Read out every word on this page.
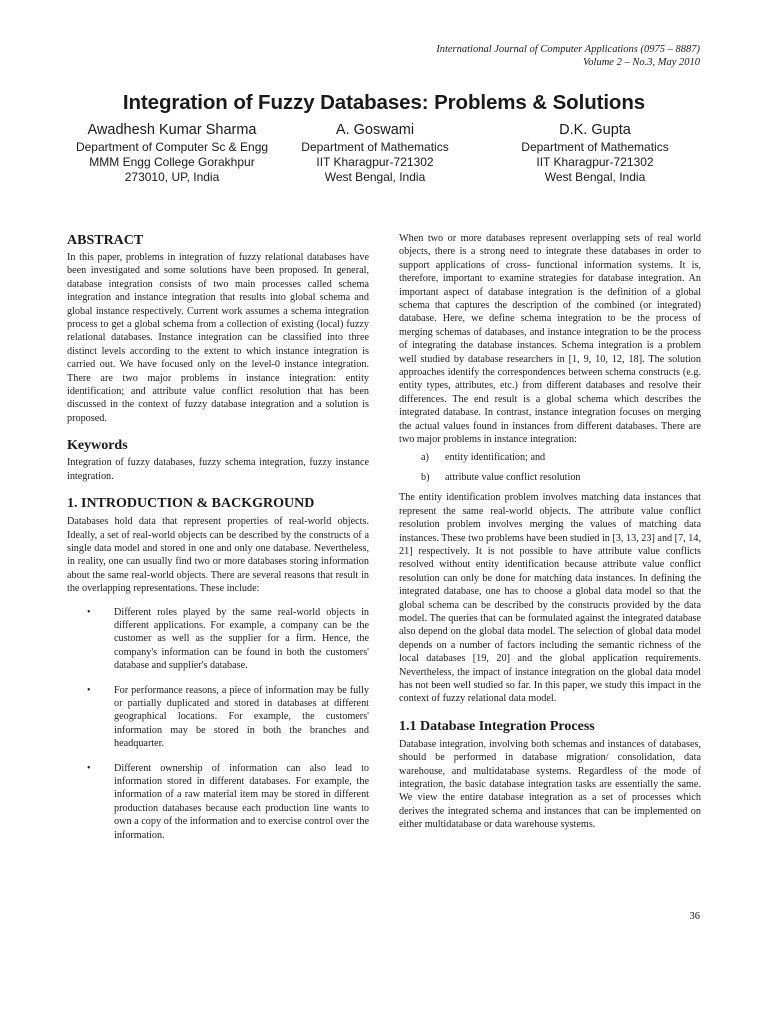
International Journal of Computer Applications (0975 – 8887)
Volume 2 – No.3, May 2010
Integration of Fuzzy Databases: Problems & Solutions
Awadhesh Kumar Sharma
Department of Computer Sc & Engg
MMM Engg College Gorakhpur
273010, UP, India
A. Goswami
Department of Mathematics
IIT Kharagpur-721302
West Bengal, India
D.K. Gupta
Department of Mathematics
IIT Kharagpur-721302
West Bengal, India
ABSTRACT

In this paper, problems in integration of fuzzy relational databases have been investigated and some solutions have been proposed. In general, database integration consists of two main processes called schema integration and instance integration that results into global schema and global instance respectively. Current work assumes a schema integration process to get a global schema from a collection of existing (local) fuzzy relational databases. Instance integration can be classified into three distinct levels according to the extent to which instance integration is carried out. We have focused only on the level-0 instance integration. There are two major problems in instance integration: entity identification; and attribute value conflict resolution that has been discussed in the context of fuzzy database integration and a solution is proposed.

Keywords

Integration of fuzzy databases, fuzzy schema integration, fuzzy instance integration.

1. INTRODUCTION & BACKGROUND

Databases hold data that represent properties of real-world objects. Ideally, a set of real-world objects can be described by the constructs of a single data model and stored in one and only one database. Nevertheless, in reality, one can usually find two or more databases storing information about the same real-world objects. There are several reasons that result in the overlapping representations. These include:

• Different roles played by the same real-world objects in different applications. For example, a company can be the customer as well as the supplier for a firm. Hence, the company's information can be found in both the customers' database and supplier's database.
• For performance reasons, a piece of information may be fully or partially duplicated and stored in databases at different geographical locations. For example, the customers' information may be stored in both the branches and headquarter.
• Different ownership of information can also lead to information stored in different databases. For example, the information of a raw material item may be stored in different production databases because each production line wants to own a copy of the information and to exercise control over the information.

When two or more databases represent overlapping sets of real world objects, there is a strong need to integrate these databases in order to support applications of cross- functional information systems. It is, therefore, important to examine strategies for database integration. An important aspect of database integration is the definition of a global schema that captures the description of the combined (or integrated) database. Here, we define schema integration to be the process of merging schemas of databases, and instance integration to be the process of integrating the database instances. Schema integration is a problem well studied by database researchers in [1, 9, 10, 12, 18]. The solution approaches identify the correspondences between schema constructs (e.g. entity types, attributes, etc.) from different databases and resolve their differences. The end result is a global schema which describes the integrated database. In contrast, instance integration focuses on merging the actual values found in instances from different databases. There are two major problems in instance integration:

a) entity identification; and
b) attribute value conflict resolution

The entity identification problem involves matching data instances that represent the same real-world objects. The attribute value conflict resolution problem involves merging the values of matching data instances. These two problems have been studied in [3, 13, 23] and [7, 14, 21] respectively. It is not possible to have attribute value conflicts resolved without entity identification because attribute value conflict resolution can only be done for matching data instances. In defining the integrated database, one has to choose a global data model so that the global schema can be described by the constructs provided by the data model. The queries that can be formulated against the integrated database also depend on the global data model. The selection of global data model depends on a number of factors including the semantic richness of the local databases [19, 20] and the global application requirements. Nevertheless, the impact of instance integration on the global data model has not been well studied so far. In this paper, we study this impact in the context of fuzzy relational data model.

1.1 Database Integration Process

Database integration, involving both schemas and instances of databases, should be performed in database migration/ consolidation, data warehouse, and multidatabase systems. Regardless of the mode of integration, the basic database integration tasks are essentially the same. We view the entire database integration as a set of processes which derives the integrated schema and instances that can be implemented on either multidatabase or data warehouse systems.

36
